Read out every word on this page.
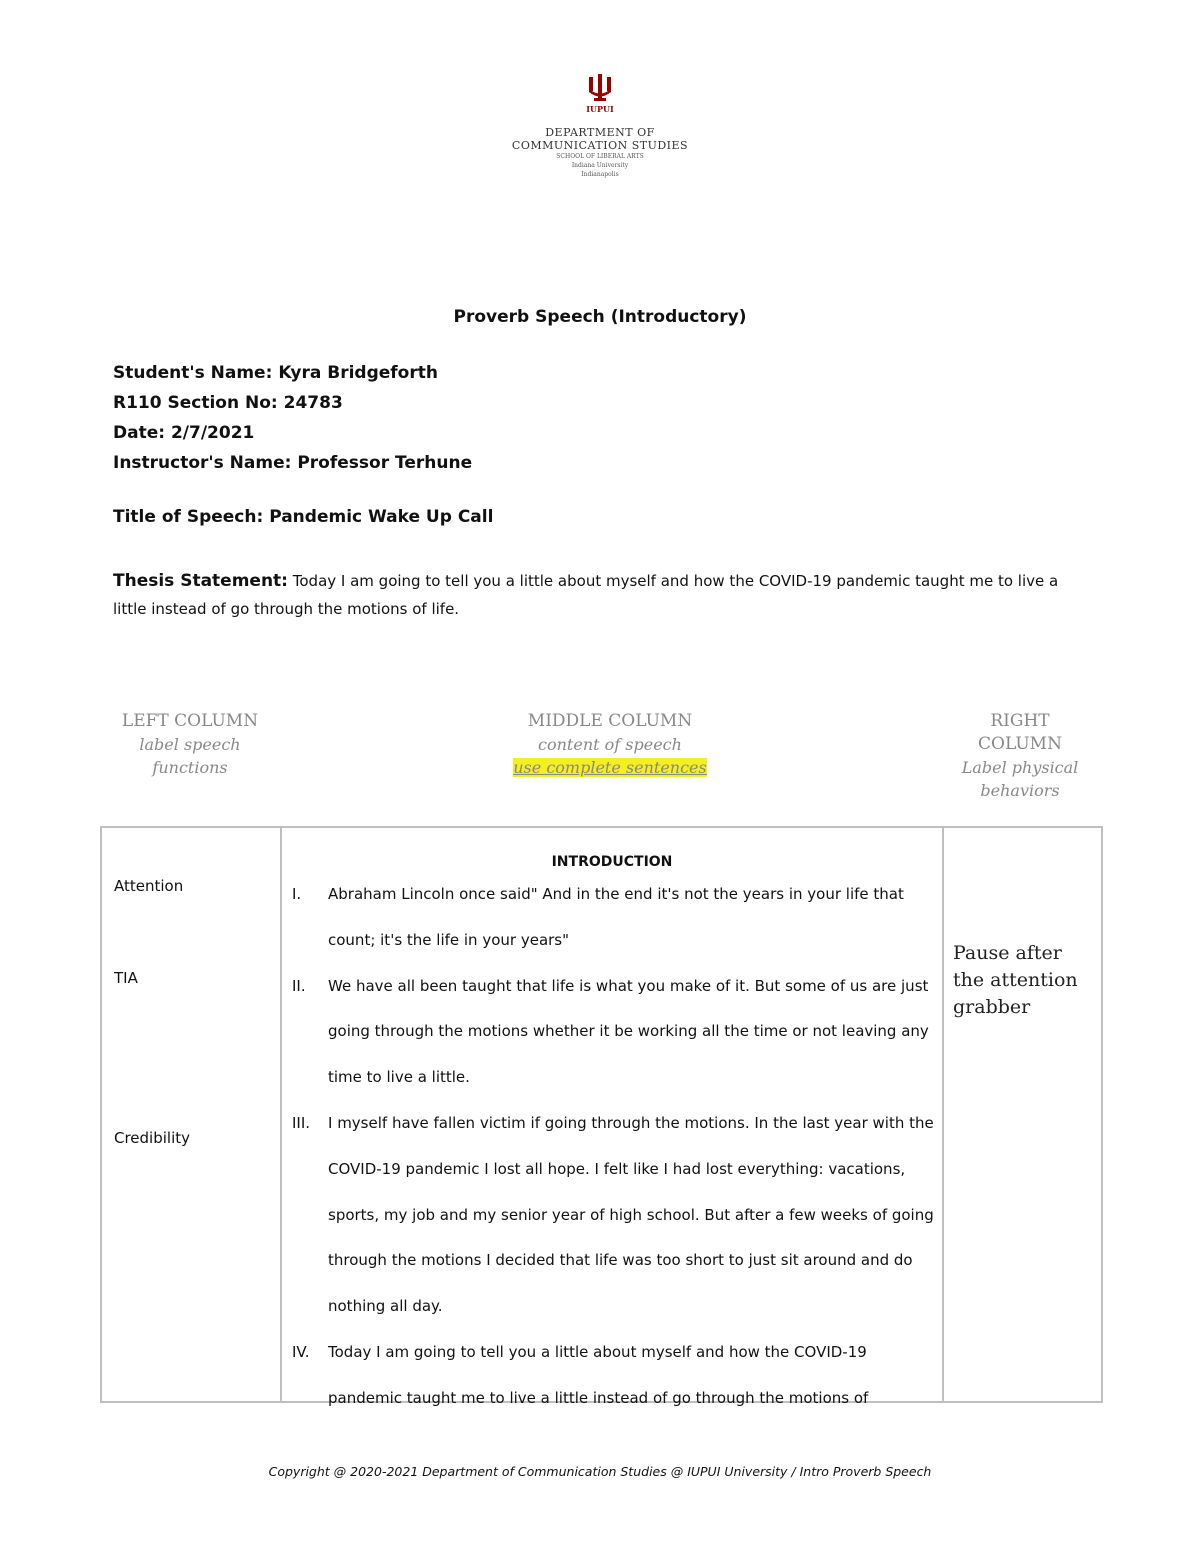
IUPUI
DEPARTMENT OF
COMMUNICATION STUDIES
SCHOOL OF LIBERAL ARTS
Indiana University
Indianapolis
Proverb Speech (Introductory)
Student's Name: Kyra Bridgeforth
R110 Section No: 24783
Date: 2/7/2021
Instructor's Name: Professor Terhune
Title of Speech: Pandemic Wake Up Call
Thesis Statement: Today I am going to tell you a little about myself and how the COVID-19 pandemic taught me to live a little instead of go through the motions of life.
LEFT COLUMN
label speech
functions
MIDDLE COLUMN
content of speech
use complete sentences
RIGHT
COLUMN
Label physical
behaviors
Attention
TIA
Credibility
INTRODUCTION
I. Abraham Lincoln once said" And in the end it's not the years in your life that count; it's the life in your years"
II. We have all been taught that life is what you make of it. But some of us are just going through the motions whether it be working all the time or not leaving any time to live a little.
III. I myself have fallen victim if going through the motions. In the last year with the COVID-19 pandemic I lost all hope. I felt like I had lost everything: vacations, sports, my job and my senior year of high school. But after a few weeks of going through the motions I decided that life was too short to just sit around and do nothing all day.
IV. Today I am going to tell you a little about myself and how the COVID-19 pandemic taught me to live a little instead of go through the motions of
Pause after the attention grabber
Copyright @ 2020-2021 Department of Communication Studies @ IUPUI University / Intro Proverb Speech
